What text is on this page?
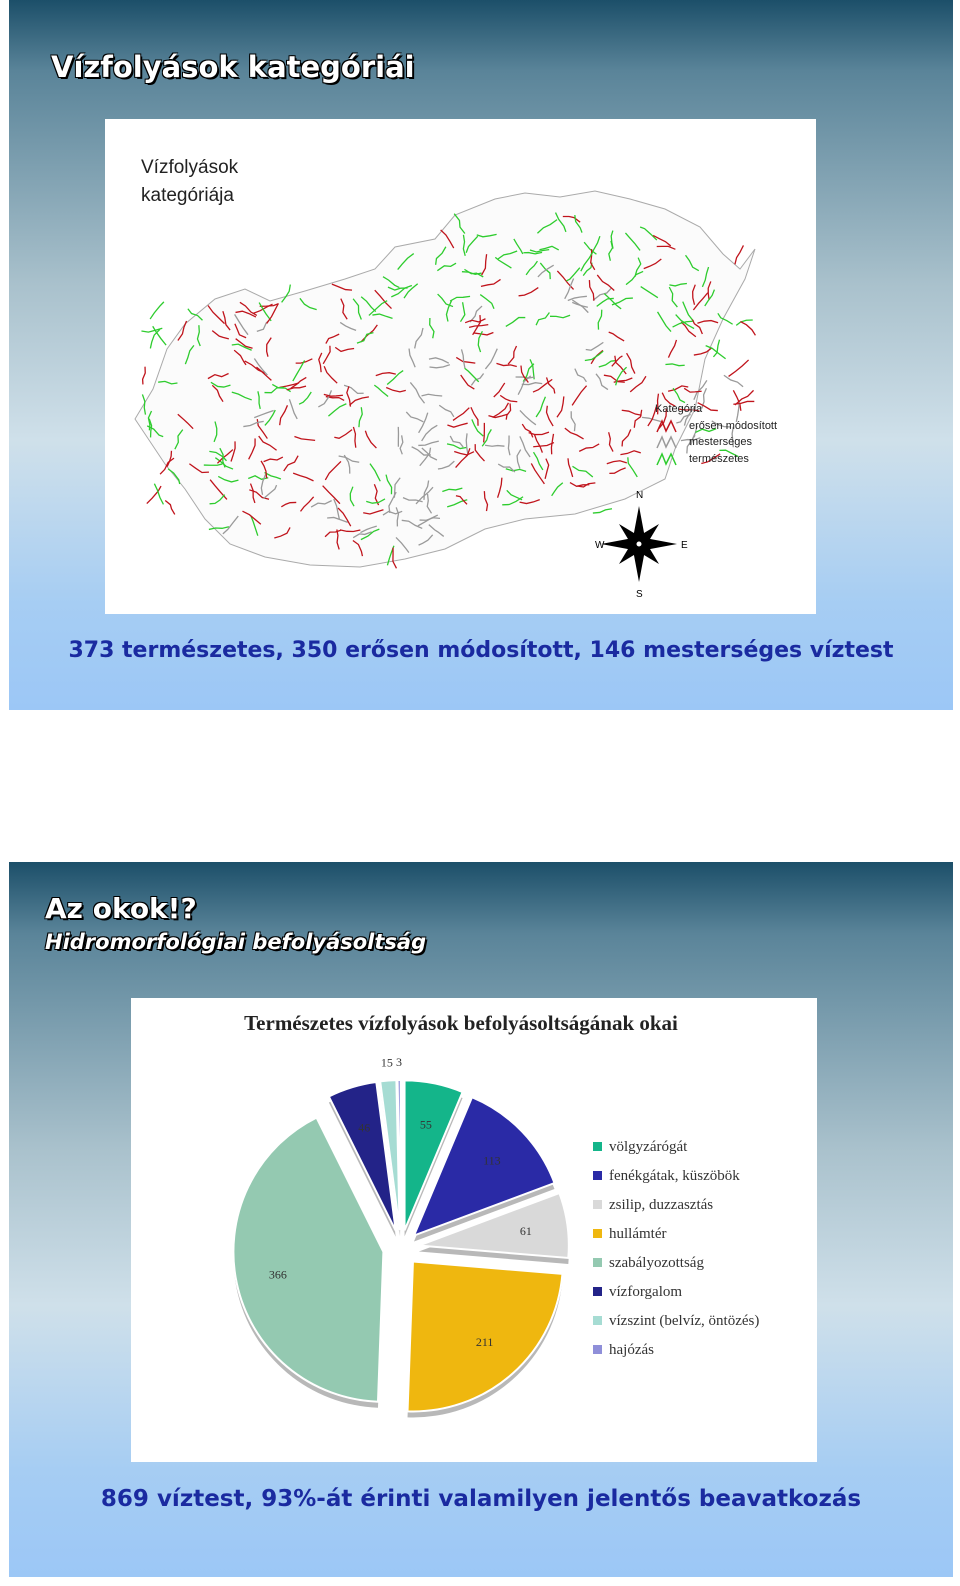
Vízfolyások kategóriái
Vízfolyások
kategóriája
Kategória
erősen módosított
mesterséges
természetes
N
E
S
W
373 természetes, 350 erősen módosított, 146 mesterséges víztest
Az okok!?
Hidromorfológiai befolyásoltság
Természetes vízfolyások befolyásoltságának okai
55
113
61
211
366
46
15 3
völgyzárógát
fenékgátak, küszöbök
zsilip, duzzasztás
hullámtér
szabályozottság
vízforgalom
vízszint (belvíz, öntözés)
hajózás
869 víztest, 93%-át érinti valamilyen jelentős beavatkozás
